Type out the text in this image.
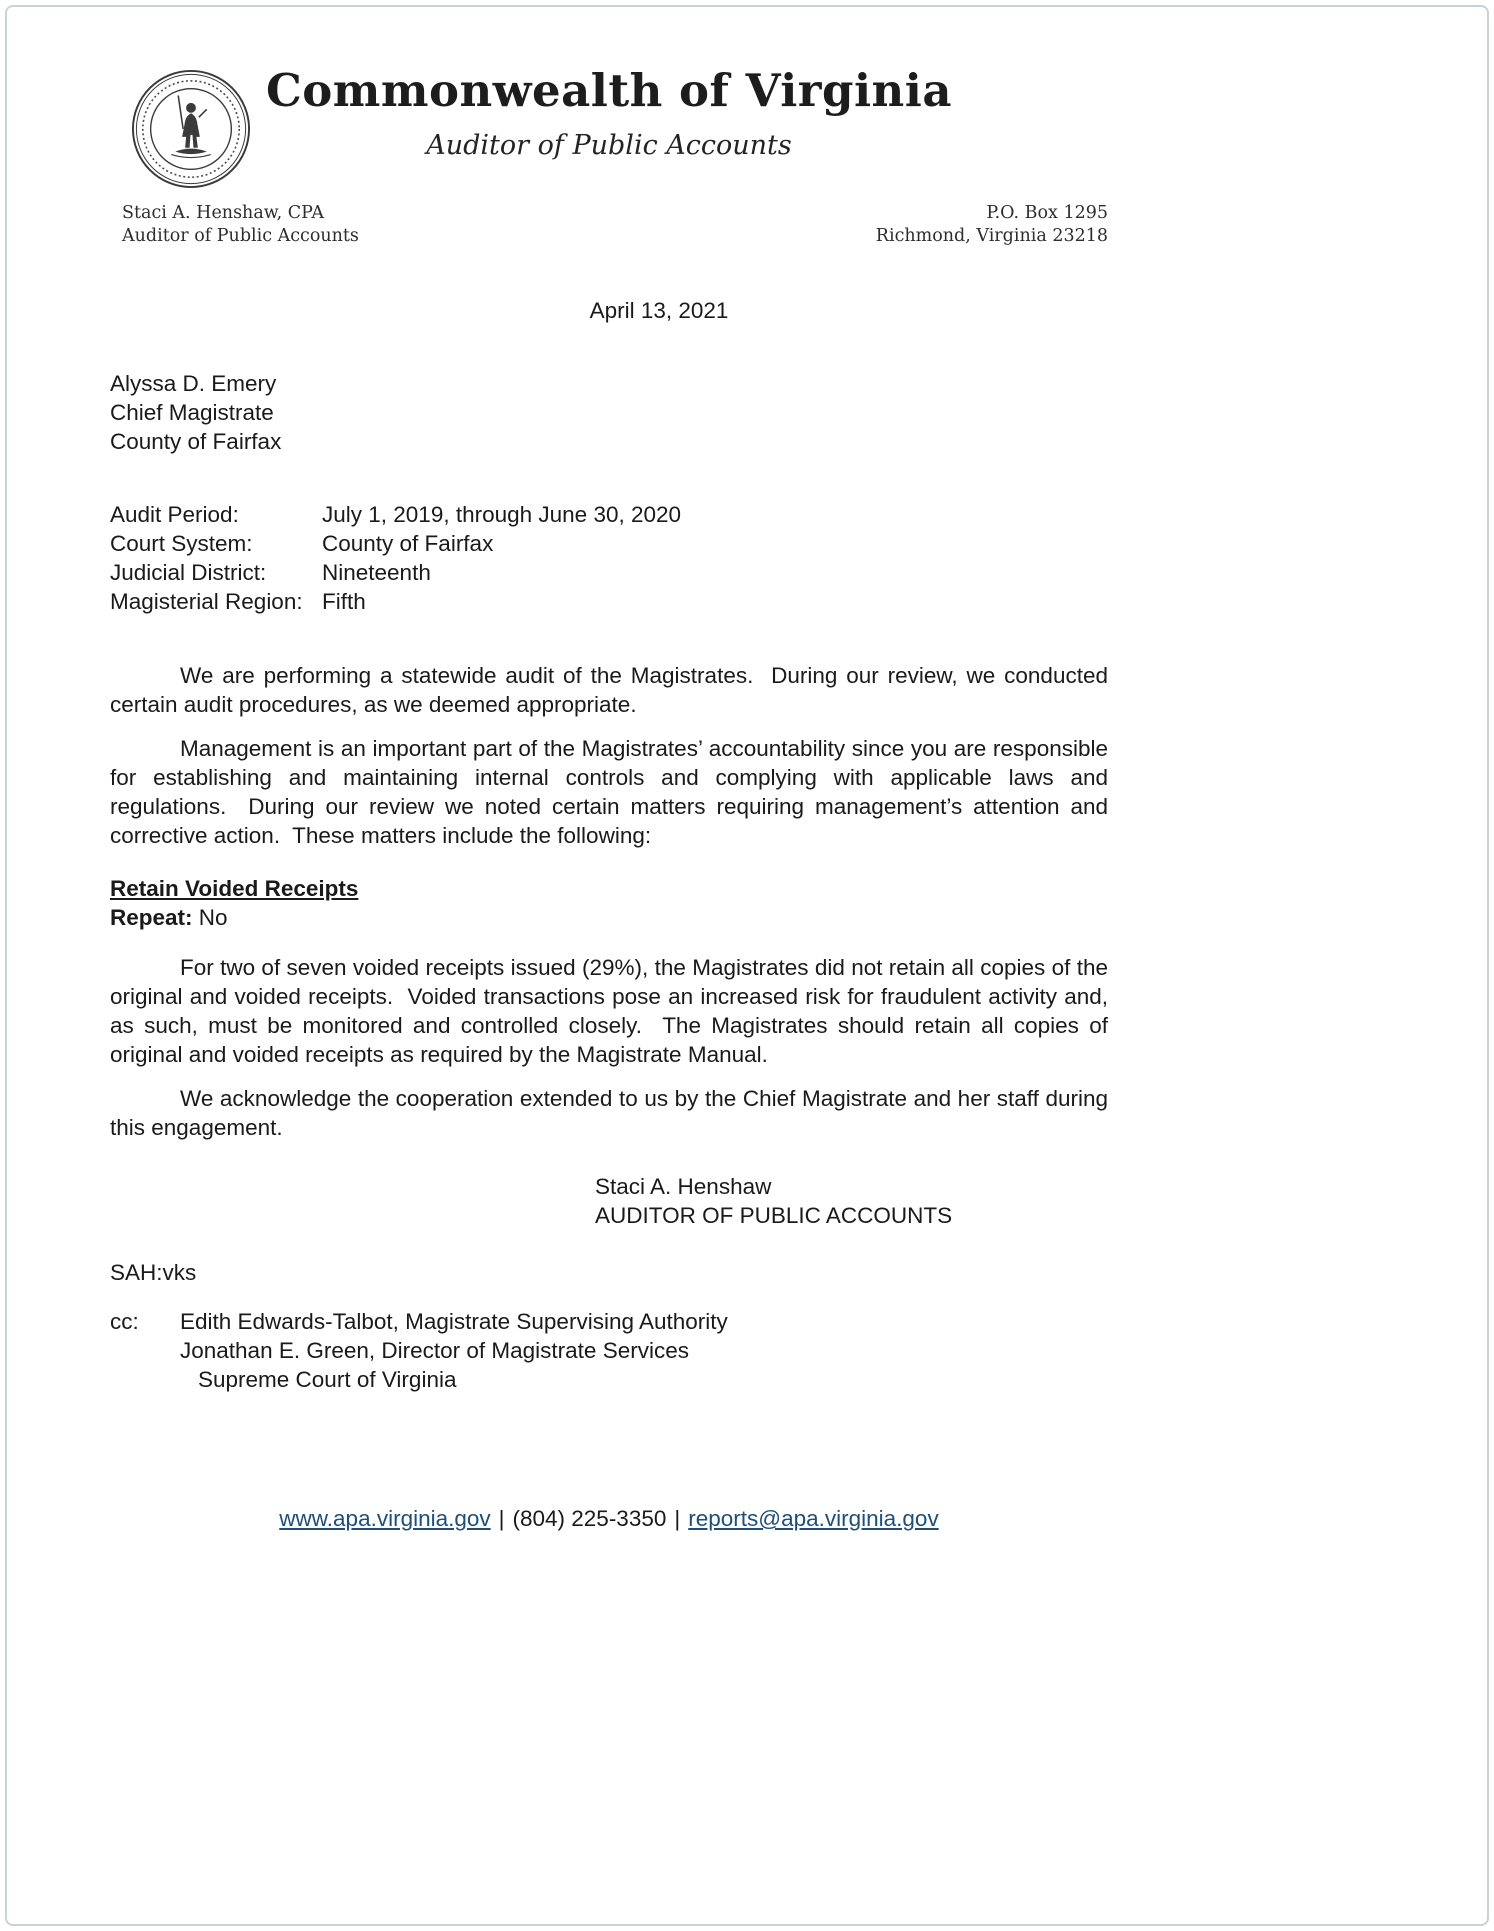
Commonwealth of Virginia
Auditor of Public Accounts
Staci A. Henshaw, CPA
Auditor of Public Accounts
P.O. Box 1295
Richmond, Virginia 23218
April 13, 2021
Alyssa D. Emery
Chief Magistrate
County of Fairfax
Audit Period:	July 1, 2019, through June 30, 2020
Court System:	County of Fairfax
Judicial District:	Nineteenth
Magisterial Region: Fifth

We are performing a statewide audit of the Magistrates.  During our review, we conducted certain audit procedures, as we deemed appropriate.

Management is an important part of the Magistrates’ accountability since you are responsible for establishing and maintaining internal controls and complying with applicable laws and regulations.  During our review we noted certain matters requiring management’s attention and corrective action.  These matters include the following:

Retain Voided Receipts
Repeat: No

For two of seven voided receipts issued (29%), the Magistrates did not retain all copies of the original and voided receipts.  Voided transactions pose an increased risk for fraudulent activity and, as such, must be monitored and controlled closely.  The Magistrates should retain all copies of original and voided receipts as required by the Magistrate Manual.

We acknowledge the cooperation extended to us by the Chief Magistrate and her staff during this engagement.

Staci A. Henshaw
AUDITOR OF PUBLIC ACCOUNTS
SAH:vks
cc:	Edith Edwards-Talbot, Magistrate Supervising Authority
Jonathan E. Green, Director of Magistrate Services
Supreme Court of Virginia
www.apa.virginia.gov | (804) 225-3350 | reports@apa.virginia.gov
